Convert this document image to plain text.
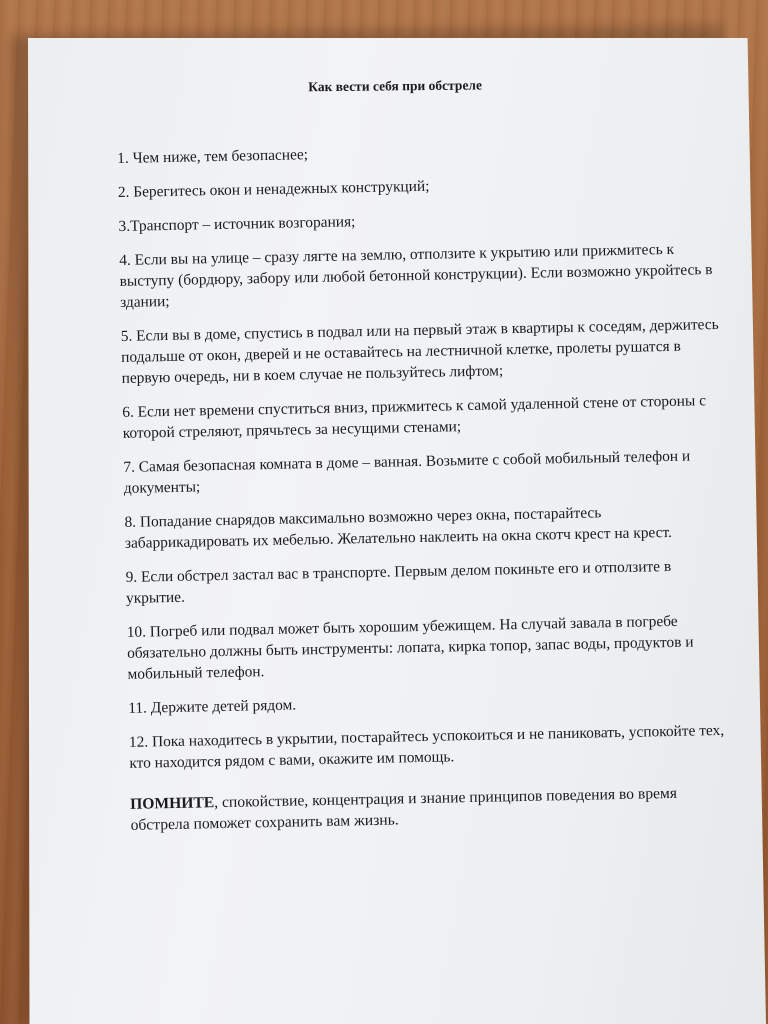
Как вести себя при обстреле

1. Чем ниже, тем безопаснее;

2. Берегитесь окон и ненадежных конструкций;

3.Транспорт – источник возгорания;

4. Если вы на улице – сразу лягте на землю, отползите к укрытию или прижмитесь к выступу (бордюру, забору или любой бетонной конструкции). Если возможно укройтесь в здании;

5. Если вы в доме, спустись в подвал или на первый этаж в квартиры к соседям, держитесь подальше от окон, дверей и не оставайтесь на лестничной клетке, пролеты рушатся в первую очередь, ни в коем случае не пользуйтесь лифтом;

6. Если нет времени спуститься вниз, прижмитесь к самой удаленной стене от стороны с которой стреляют, прячьтесь за несущими стенами;

7. Самая безопасная комната в доме – ванная. Возьмите с собой мобильный телефон и документы;

8. Попадание снарядов максимально возможно через окна, постарайтесь забаррикадировать их мебелью. Желательно наклеить на окна скотч крест на крест.

9. Если обстрел застал вас в транспорте. Первым делом покиньте его и отползите в укрытие.

10. Погреб или подвал может быть хорошим убежищем. На случай завала в погребе обязательно должны быть инструменты: лопата, кирка топор, запас воды, продуктов и мобильный телефон.

11. Держите детей рядом.

12. Пока находитесь в укрытии, постарайтесь успокоиться и не паниковать, успокойте тех, кто находится рядом с вами, окажите им помощь.

ПОМНИТЕ, спокойствие, концентрация и знание принципов поведения во время обстрела поможет сохранить вам жизнь.
